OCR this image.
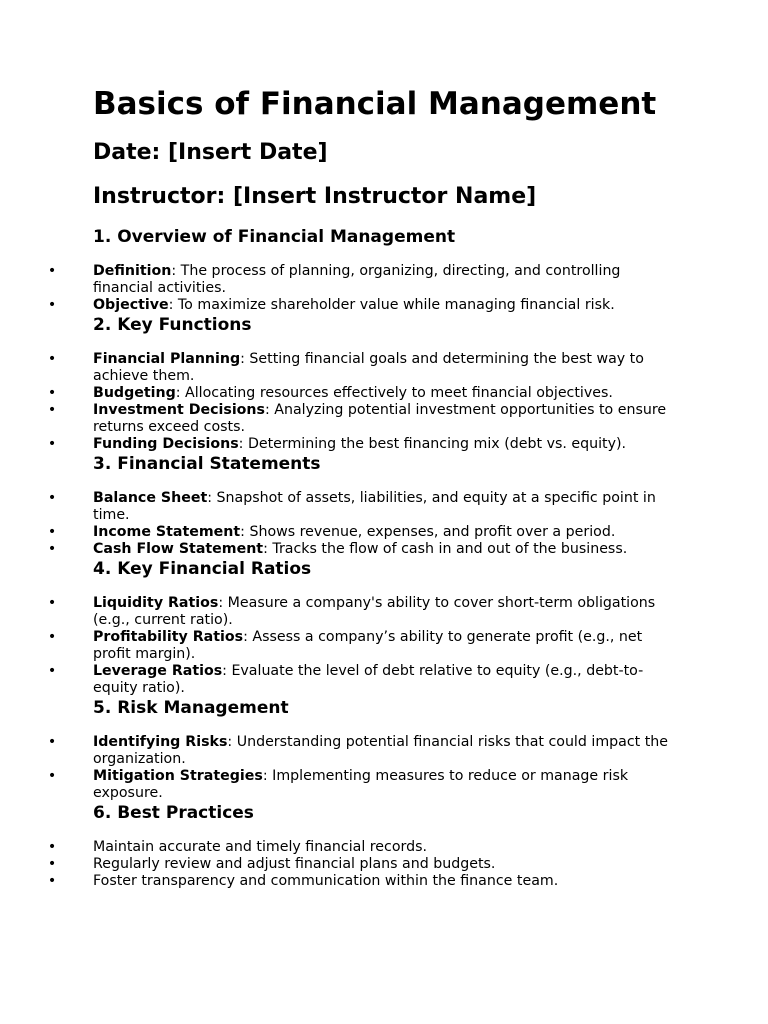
Basics of Financial Management
Date: [Insert Date]
Instructor: [Insert Instructor Name]
1. Overview of Financial Management
•	Definition: The process of planning, organizing, directing, and controlling financial activities.
•	Objective: To maximize shareholder value while managing financial risk.
2. Key Functions
•	Financial Planning: Setting financial goals and determining the best way to achieve them.
•	Budgeting: Allocating resources effectively to meet financial objectives.
•	Investment Decisions: Analyzing potential investment opportunities to ensure returns exceed costs.
•	Funding Decisions: Determining the best financing mix (debt vs. equity).
3. Financial Statements
•	Balance Sheet: Snapshot of assets, liabilities, and equity at a specific point in time.
•	Income Statement: Shows revenue, expenses, and profit over a period.
•	Cash Flow Statement: Tracks the flow of cash in and out of the business.
4. Key Financial Ratios
•	Liquidity Ratios: Measure a company's ability to cover short-term obligations (e.g., current ratio).
•	Profitability Ratios: Assess a company’s ability to generate profit (e.g., net profit margin).
•	Leverage Ratios: Evaluate the level of debt relative to equity (e.g., debt-to-equity ratio).
5. Risk Management
•	Identifying Risks: Understanding potential financial risks that could impact the organization.
•	Mitigation Strategies: Implementing measures to reduce or manage risk exposure.
6. Best Practices
•	Maintain accurate and timely financial records.
•	Regularly review and adjust financial plans and budgets.
•	Foster transparency and communication within the finance team.
